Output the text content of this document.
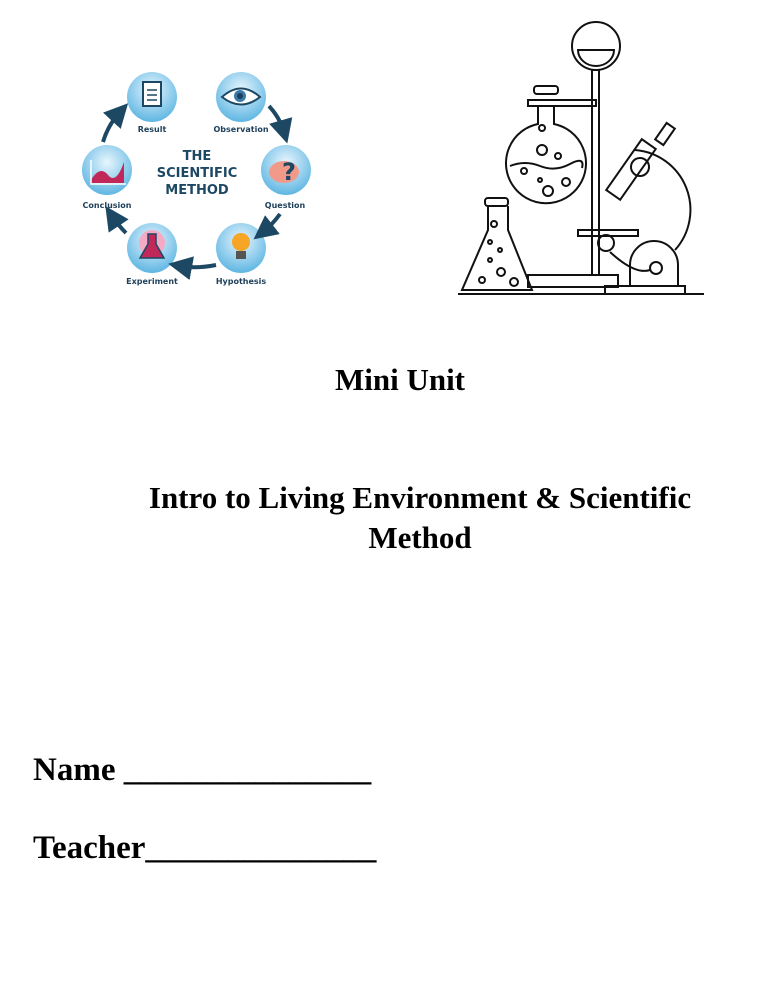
?
THE
SCIENTIFIC
METHOD
Result	Observation
Question
Hypothesis
Experiment
Conclusion
Mini Unit
Intro to Living Environment & Scientific Method
Name _______________
Teacher______________
